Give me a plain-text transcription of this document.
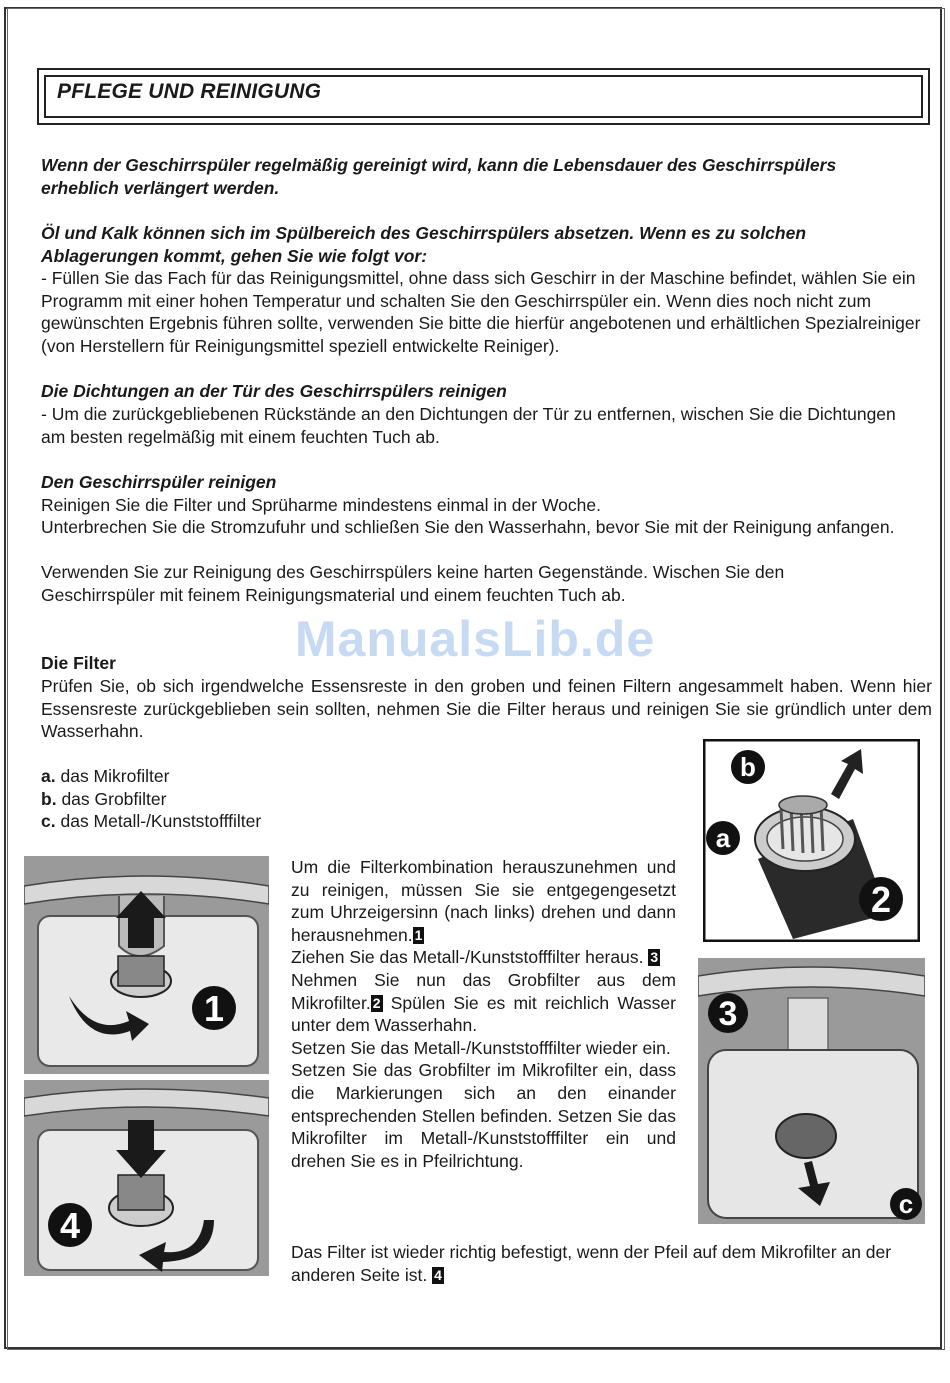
PFLEGE UND REINIGUNG
Wenn der Geschirrspüler regelmäßig gereinigt wird, kann die Lebensdauer des Geschirrspülers erheblich verlängert werden.
Öl und Kalk können sich im Spülbereich des Geschirrspülers absetzen. Wenn es zu solchen Ablagerungen kommt, gehen Sie wie folgt vor:
- Füllen Sie das Fach für das Reinigungsmittel, ohne dass sich Geschirr in der Maschine befindet, wählen Sie ein Programm mit einer hohen Temperatur und schalten Sie den Geschirrspüler ein. Wenn dies noch nicht zum gewünschten Ergebnis führen sollte, verwenden Sie bitte die hierfür angebotenen und erhältlichen Spezialreiniger (von Herstellern für Reinigungsmittel speziell entwickelte Reiniger).
Die Dichtungen an der Tür des Geschirrspülers reinigen
- Um die zurückgebliebenen Rückstände an den Dichtungen der Tür zu entfernen, wischen Sie die Dichtungen am besten regelmäßig mit einem feuchten Tuch ab.
Den Geschirrspüler reinigen
Reinigen Sie die Filter und Sprüharme mindestens einmal in der Woche.
Unterbrechen Sie die Stromzufuhr und schließen Sie den Wasserhahn, bevor Sie mit der Reinigung anfangen.
Verwenden Sie zur Reinigung des Geschirrspülers keine harten Gegenstände. Wischen Sie den Geschirrspüler mit feinem Reinigungsmaterial und einem feuchten Tuch ab.
ManualsLib.de
Die Filter
Prüfen Sie, ob sich irgendwelche Essensreste in den groben und feinen Filtern angesammelt haben. Wenn hier Essensreste zurückgeblieben sein sollten, nehmen Sie die Filter heraus und reinigen Sie sie gründlich unter dem Wasserhahn.
a. das Mikrofilter
b. das Grobfilter
c. das Metall-/Kunststofffilter
Um die Filterkombination herauszunehmen und zu reinigen, müssen Sie sie entgegengesetzt zum Uhrzeigersinn (nach links) drehen und dann herausnehmen. 1
Ziehen Sie das Metall-/Kunststofffilter heraus. 3
Nehmen Sie nun das Grobfilter aus dem Mikrofilter. 2 Spülen Sie es mit reichlich Wasser unter dem Wasserhahn.
Setzen Sie das Metall-/Kunststofffilter wieder ein.
Setzen Sie das Grobfilter im Mikrofilter ein, dass die Markierungen sich an den einander entsprechenden Stellen befinden. Setzen Sie das Mikrofilter im Metall-/Kunststofffilter ein und drehen Sie es in Pfeilrichtung.
Das Filter ist wieder richtig befestigt, wenn der Pfeil auf dem Mikrofilter an der anderen Seite ist. 4
b
a
2
1
4
3
c
